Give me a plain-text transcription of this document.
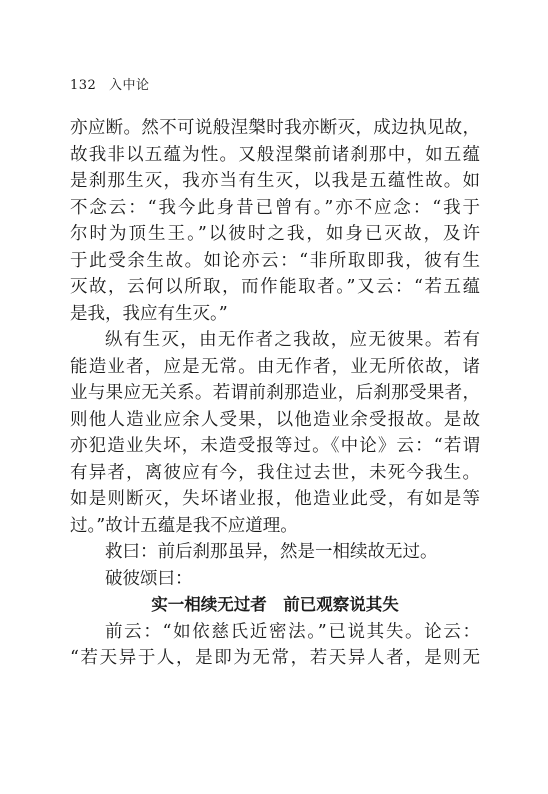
132 入中论
亦应断。然不可说般涅槃时我亦断灭，成边执见故，
故我非以五蕴为性。又般涅槃前诸刹那中，如五蕴
是刹那生灭，我亦当有生灭，以我是五蕴性故。如
不念云：“我今此身昔已曾有。”亦不应念：“我于
尔时为顶生王。”以彼时之我，如身已灭故，及许
于此受余生故。如论亦云：“非所取即我，彼有生
灭故，云何以所取，而作能取者。”又云：“若五蕴
是我，我应有生灭。”
纵有生灭，由无作者之我故，应无彼果。若有
能造业者，应是无常。由无作者，业无所依故，诸
业与果应无关系。若谓前刹那造业，后刹那受果者，
则他人造业应余人受果，以他造业余受报故。是故
亦犯造业失坏，未造受报等过。《中论》云：“若谓
有异者，离彼应有今，我住过去世，未死今我生。
如是则断灭，失坏诸业报，他造业此受，有如是等
过。”故计五蕴是我不应道理。
救曰：前后刹那虽异，然是一相续故无过。
破彼颂曰：
实一相续无过者　前已观察说其失
前云：“如依慈氏近密法。”已说其失。论云：
“若天异于人，是即为无常，若天异人者，是则无
